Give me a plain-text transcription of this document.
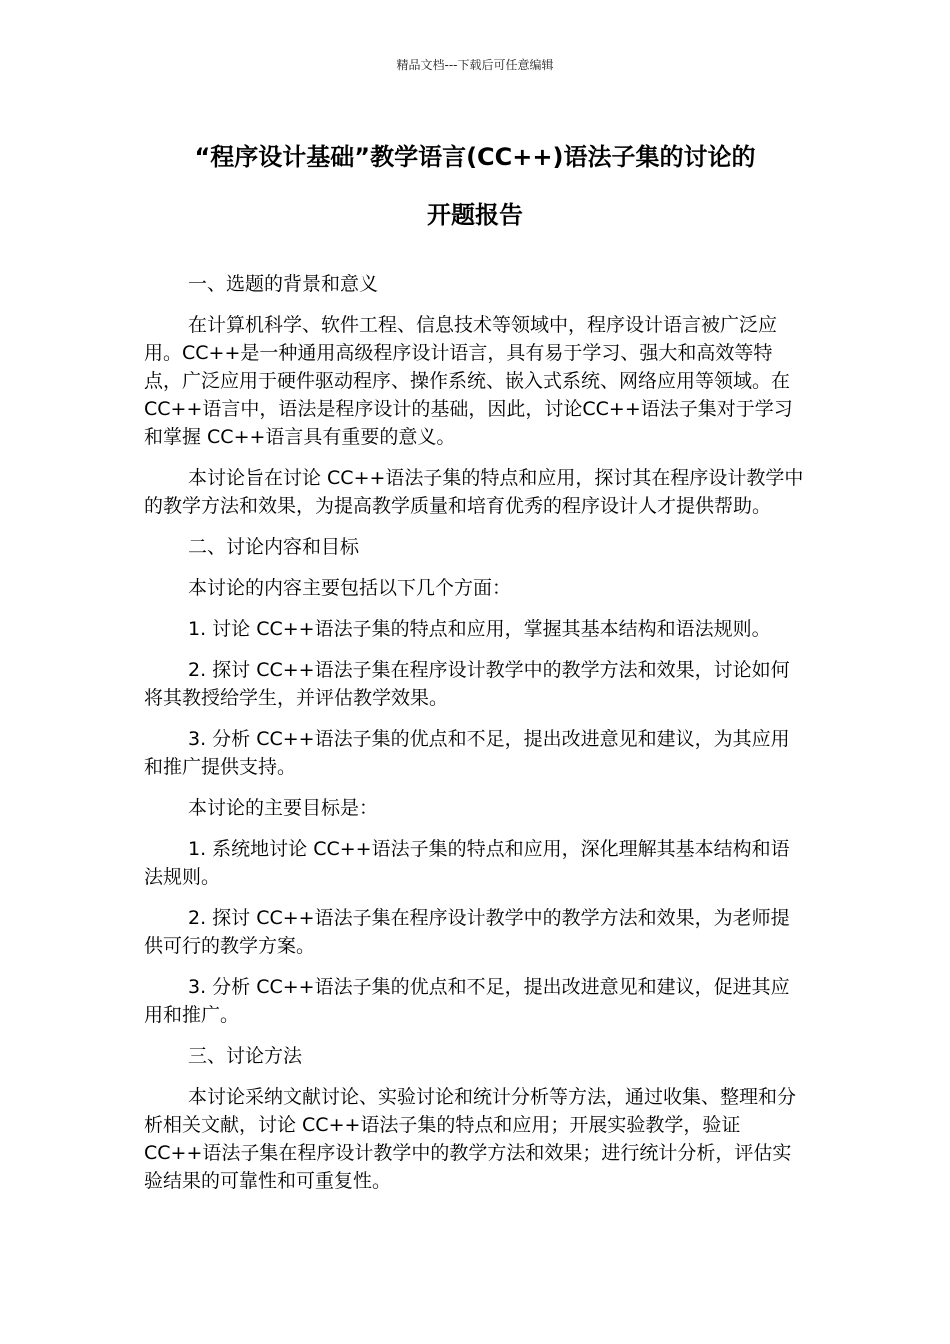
精品文档---下载后可任意编辑
“程序设计基础”教学语言(CC++)语法子集的讨论的
开题报告

一、选题的背景和意义

在计算机科学、软件工程、信息技术等领域中，程序设计语言被广泛应用。CC++是一种通用高级程序设计语言，具有易于学习、强大和高效等特点，广泛应用于硬件驱动程序、操作系统、嵌入式系统、网络应用等领域。在 CC++语言中，语法是程序设计的基础，因此，讨论CC++语法子集对于学习和掌握 CC++语言具有重要的意义。

本讨论旨在讨论 CC++语法子集的特点和应用，探讨其在程序设计教学中的教学方法和效果，为提高教学质量和培育优秀的程序设计人才提供帮助。

二、讨论内容和目标

本讨论的内容主要包括以下几个方面：

1. 讨论 CC++语法子集的特点和应用，掌握其基本结构和语法规则。

2. 探讨 CC++语法子集在程序设计教学中的教学方法和效果，讨论如何将其教授给学生，并评估教学效果。

3. 分析 CC++语法子集的优点和不足，提出改进意见和建议，为其应用和推广提供支持。

本讨论的主要目标是：

1. 系统地讨论 CC++语法子集的特点和应用，深化理解其基本结构和语法规则。

2. 探讨 CC++语法子集在程序设计教学中的教学方法和效果，为老师提供可行的教学方案。

3. 分析 CC++语法子集的优点和不足，提出改进意见和建议，促进其应用和推广。

三、讨论方法

本讨论采纳文献讨论、实验讨论和统计分析等方法，通过收集、整理和分析相关文献，讨论 CC++语法子集的特点和应用；开展实验教学，验证 CC++语法子集在程序设计教学中的教学方法和效果；进行统计分析，评估实验结果的可靠性和可重复性。
